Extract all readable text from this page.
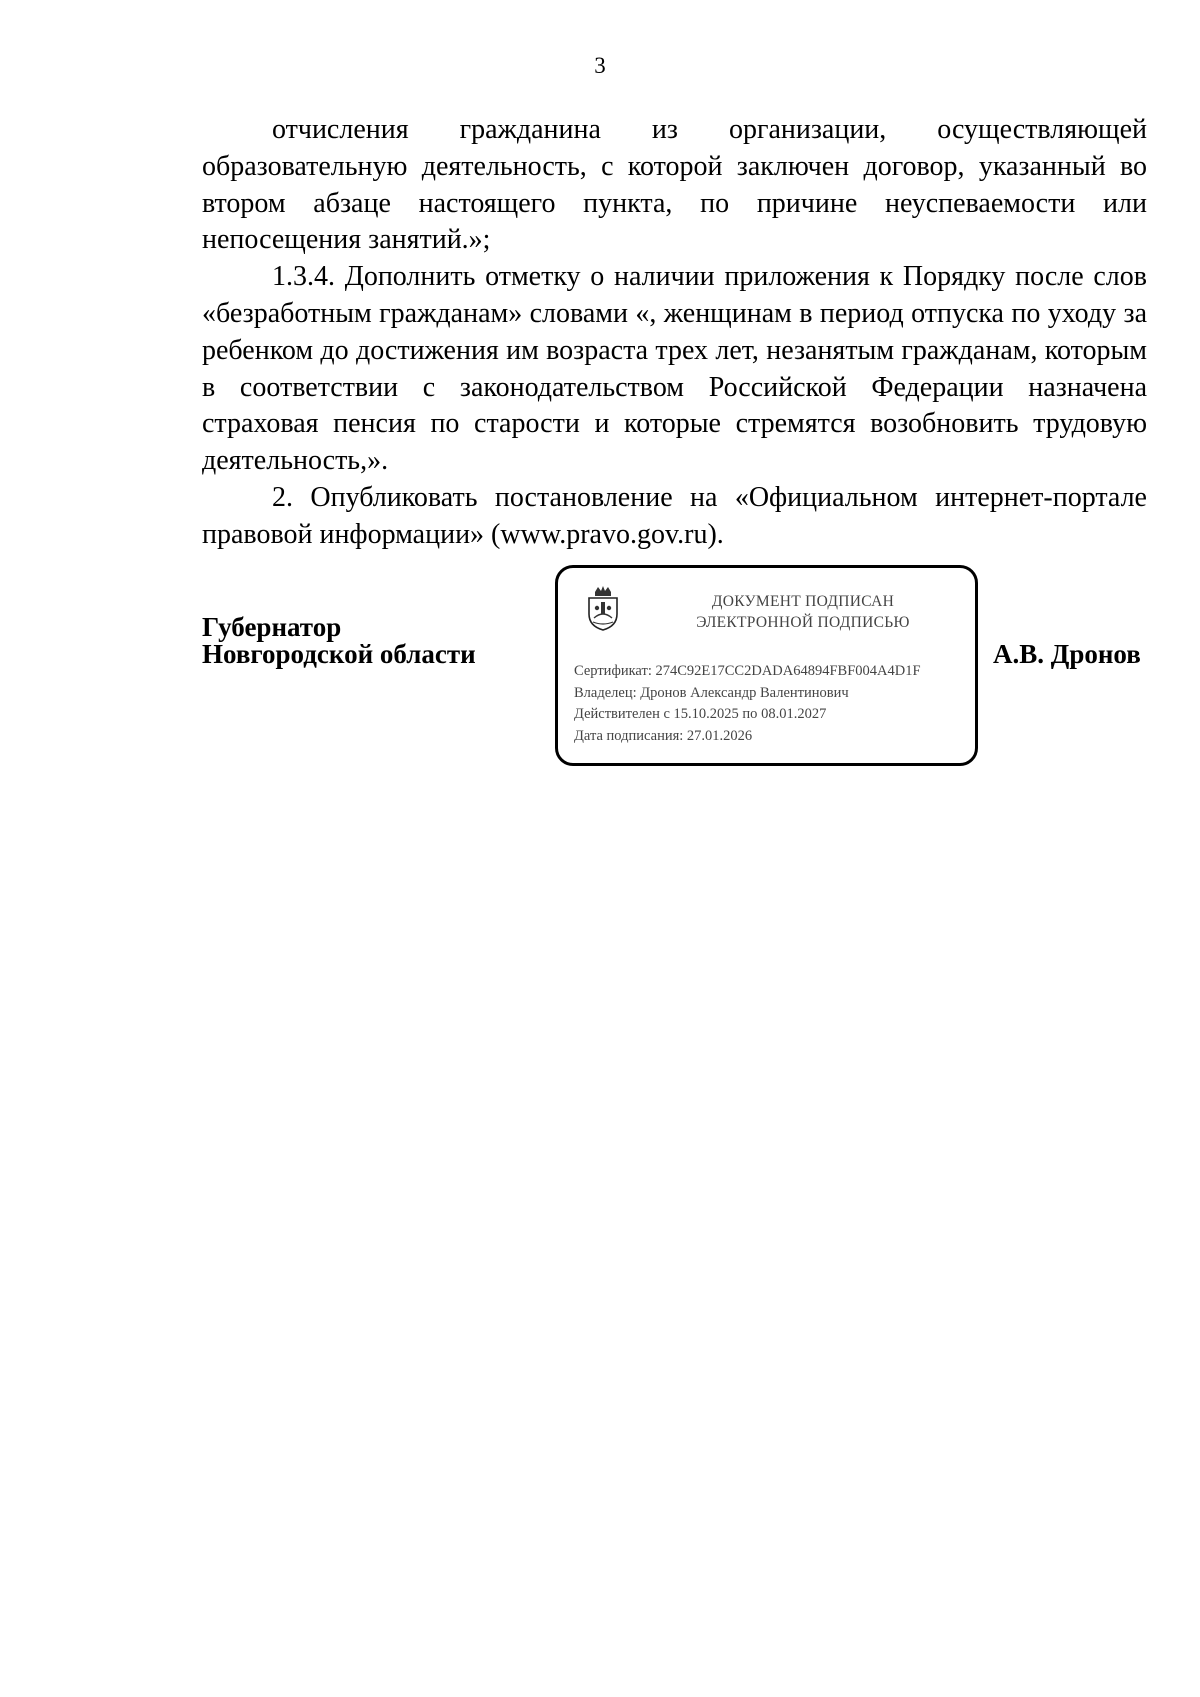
3

отчисления гражданина из организации, осуществляющей образовательную деятельность, с которой заключен договор, указанный во втором абзаце настоящего пункта, по причине неуспеваемости или непосещения занятий.»;

1.3.4. Дополнить отметку о наличии приложения к Порядку после слов «безработным гражданам» словами «, женщинам в период отпуска по уходу за ребенком до достижения им возраста трех лет, незанятым гражданам, которым в соответствии с законодательством Российской Федерации назначена страховая пенсия по старости и которые стремятся возобновить трудовую деятельность,».

2. Опубликовать постановление на «Официальном интернет-портале правовой информации» (www.pravo.gov.ru).

Губернатор
Новгородской области	А.В. Дронов
ДОКУМЕНТ ПОДПИСАН
ЭЛЕКТРОННОЙ ПОДПИСЬЮ
Сертификат: 274C92E17CC2DADA64894FBF004A4D1F
Владелец: Дронов Александр Валентинович
Действителен с 15.10.2025 по 08.01.2027
Дата подписания: 27.01.2026
